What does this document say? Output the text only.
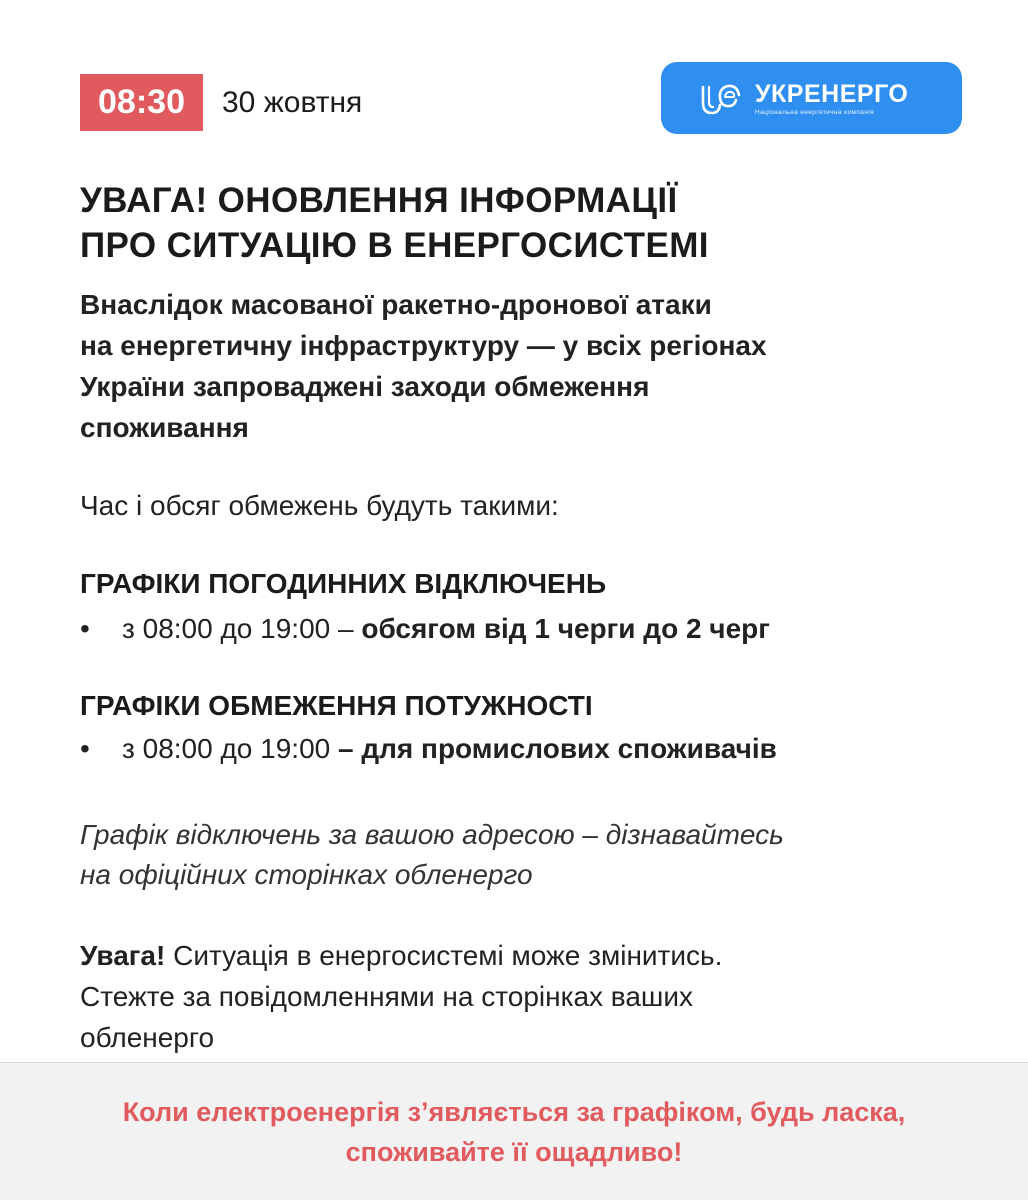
08:30 30 жовтня	УКРЕНЕРГО
Національна енергетична компанія
УВАГА! ОНОВЛЕННЯ ІНФОРМАЦІЇ
ПРО СИТУАЦІЮ В ЕНЕРГОСИСТЕМІ
Внаслідок масованої ракетно-дронової атаки
на енергетичну інфраструктуру — у всіх регіонах
України запроваджені заходи обмеження
споживання
Час і обсяг обмежень будуть такими:
ГРАФІКИ ПОГОДИННИХ ВІДКЛЮЧЕНЬ
• з 08:00 до 19:00 – обсягом від 1 черги до 2 черг
ГРАФІКИ ОБМЕЖЕННЯ ПОТУЖНОСТІ
• з 08:00 до 19:00 – для промислових споживачів
Графік відключень за вашою адресою – дізнавайтесь
на офіційних сторінках обленерго
Увага! Ситуація в енергосистемі може змінитись.
Стежте за повідомленнями на сторінках ваших
обленерго
Коли електроенергія з’являється за графіком, будь ласка,
споживайте її ощадливо!
